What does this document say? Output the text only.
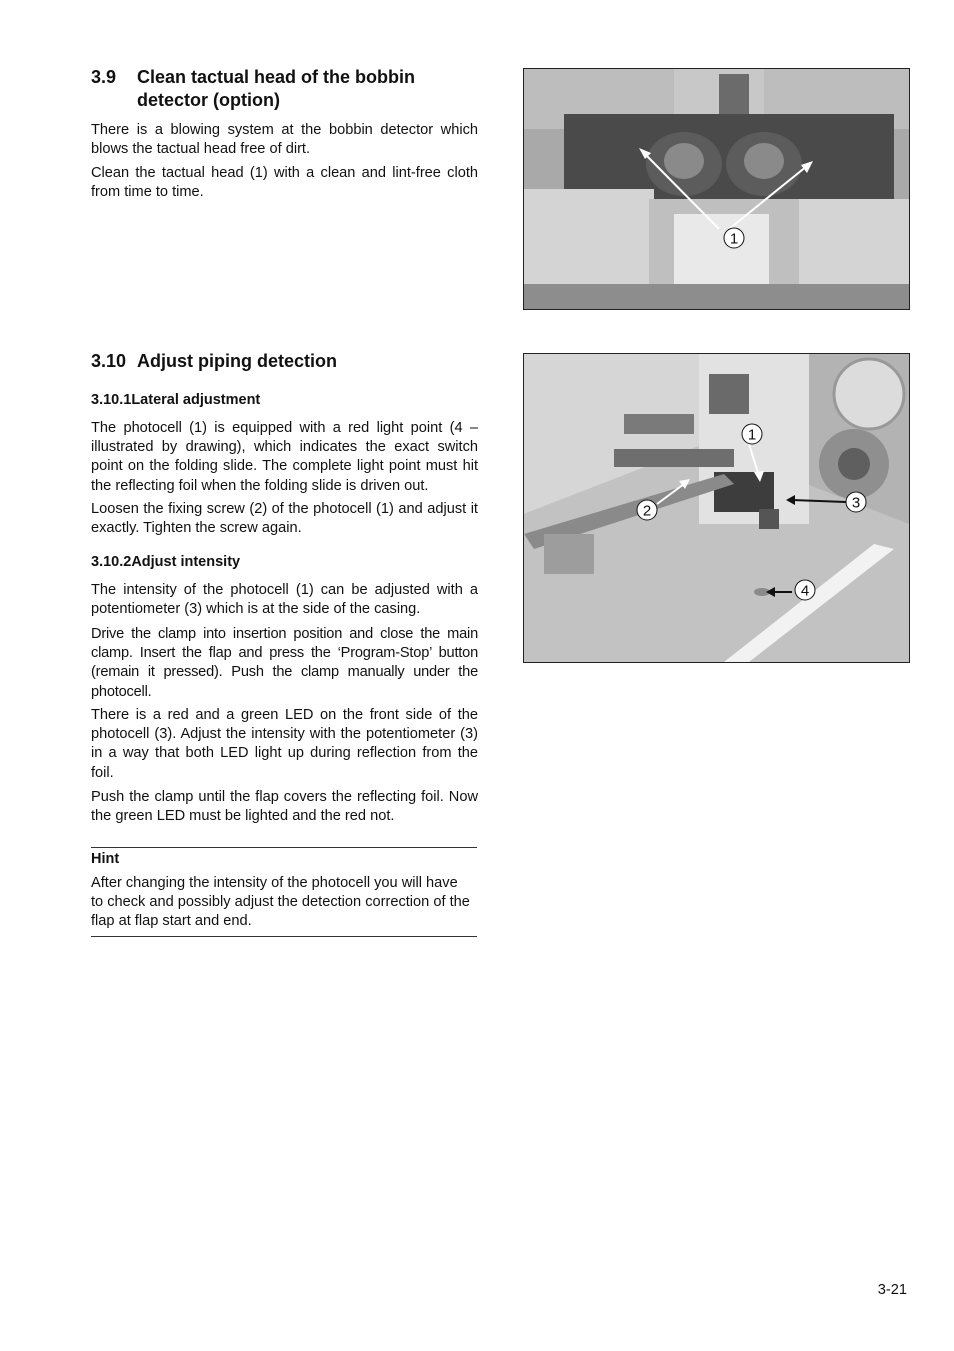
3.9 Clean tactual head of the bobbin
detector (option)

There is a blowing system at the bobbin detector which blows the tactual head free of dirt.

Clean the tactual head (1) with a clean and lint-free cloth from time to time.

1
3.10 Adjust piping detection
3.10.1Lateral adjustment

The photocell (1) is equipped with a red light point (4 – illustrated by drawing), which indicates the exact switch point on the folding slide. The complete light point must hit the reflecting foil when the folding slide is driven out.

Loosen the fixing screw (2) of the photocell (1) and adjust it exactly. Tighten the screw again.

3.10.2Adjust intensity

The intensity of the photocell (1) can be adjusted with a potentiometer (3) which is at the side of the casing.

Drive the clamp into insertion position and close the main clamp. Insert the flap and press the ‘Program-Stop’ button (remain it pressed). Push the clamp manually under the photocell.

There is a red and a green LED on the front side of the photocell (3). Adjust the intensity with the potentiometer (3) in a way that both LED light up during reflection from the foil.

Push the clamp until the flap covers the reflecting foil. Now the green LED must be lighted and the red not.

1
2	3
4
Hint

After changing the intensity of the photocell you will have to check and possibly adjust the detection correction of the flap at flap start and end.

3-21
